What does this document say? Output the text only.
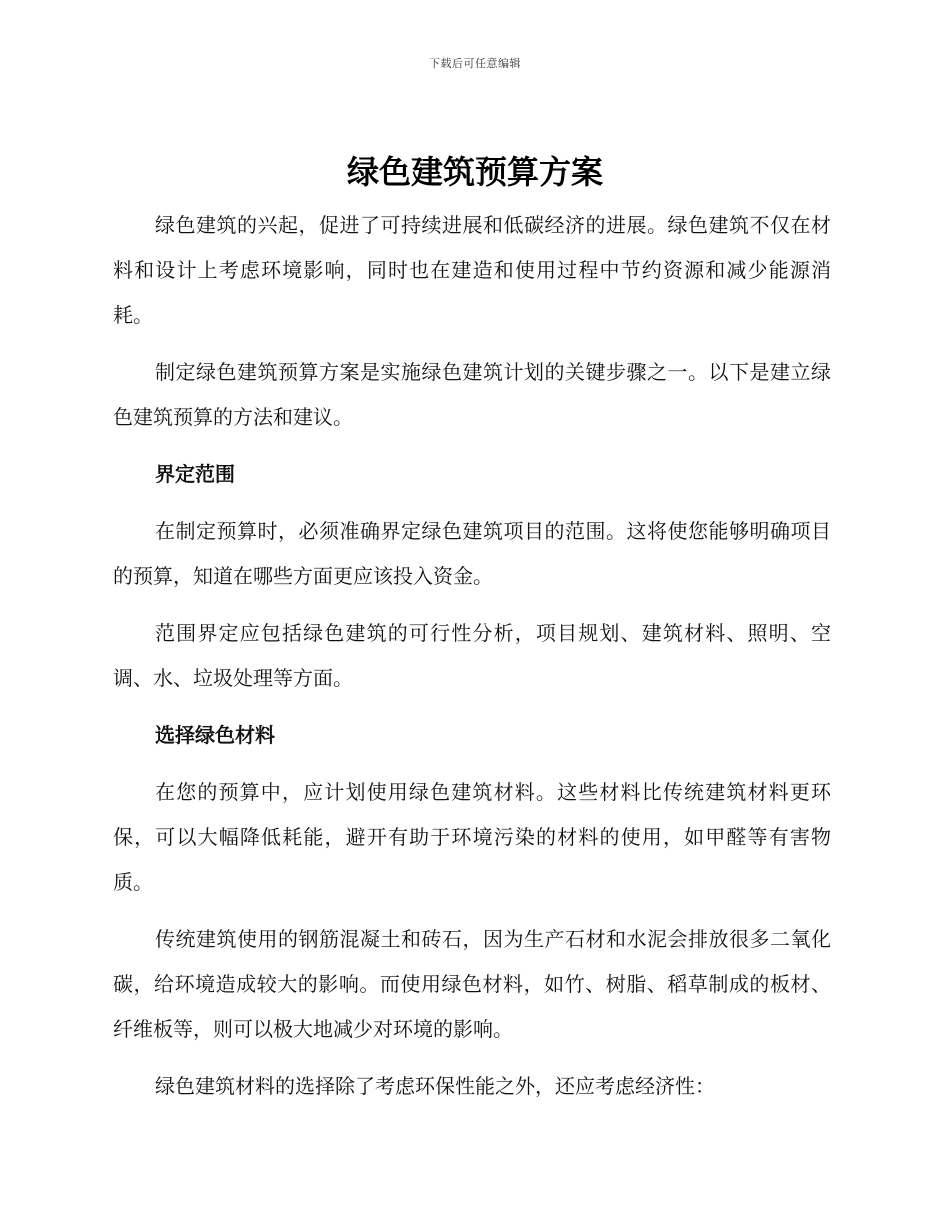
下载后可任意编辑
绿色建筑预算方案

绿色建筑的兴起，促进了可持续进展和低碳经济的进展。绿色建筑不仅在材料和设计上考虑环境影响，同时也在建造和使用过程中节约资源和减少能源消耗。

制定绿色建筑预算方案是实施绿色建筑计划的关键步骤之一。以下是建立绿色建筑预算的方法和建议。

界定范围

在制定预算时，必须准确界定绿色建筑项目的范围。这将使您能够明确项目的预算，知道在哪些方面更应该投入资金。

范围界定应包括绿色建筑的可行性分析，项目规划、建筑材料、照明、空调、水、垃圾处理等方面。

选择绿色材料

在您的预算中，应计划使用绿色建筑材料。这些材料比传统建筑材料更环保，可以大幅降低耗能，避开有助于环境污染的材料的使用，如甲醛等有害物质。

传统建筑使用的钢筋混凝土和砖石，因为生产石材和水泥会排放很多二氧化碳，给环境造成较大的影响。而使用绿色材料，如竹、树脂、稻草制成的板材、纤维板等，则可以极大地减少对环境的影响。

绿色建筑材料的选择除了考虑环保性能之外，还应考虑经济性：
